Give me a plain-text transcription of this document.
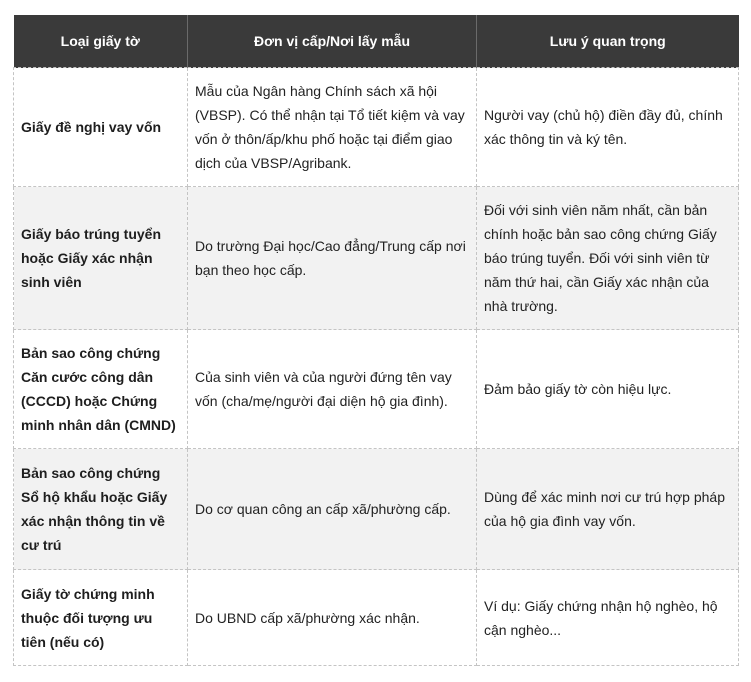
Loại giấy tờ	Đơn vị cấp/Nơi lấy mẫu	Lưu ý quan trọng
Giấy đề nghị vay vốn	Mẫu của Ngân hàng Chính sách xã hội (VBSP). Có thể nhận tại Tổ tiết kiệm và vay vốn ở thôn/ấp/khu phố hoặc tại điểm giao dịch của VBSP/Agribank.	Người vay (chủ hộ) điền đầy đủ, chính xác thông tin và ký tên.
Giấy báo trúng tuyển hoặc Giấy xác nhận sinh viên	Do trường Đại học/Cao đẳng/Trung cấp nơi bạn theo học cấp.	Đối với sinh viên năm nhất, cần bản chính hoặc bản sao công chứng Giấy báo trúng tuyển. Đối với sinh viên từ năm thứ hai, cần Giấy xác nhận của nhà trường.
Bản sao công chứng Căn cước công dân (CCCD) hoặc Chứng minh nhân dân (CMND)	Của sinh viên và của người đứng tên vay vốn (cha/mẹ/người đại diện hộ gia đình).	Đảm bảo giấy tờ còn hiệu lực.
Bản sao công chứng Sổ hộ khẩu hoặc Giấy xác nhận thông tin về cư trú	Do cơ quan công an cấp xã/phường cấp.	Dùng để xác minh nơi cư trú hợp pháp của hộ gia đình vay vốn.
Giấy tờ chứng minh thuộc đối tượng ưu tiên (nếu có)	Do UBND cấp xã/phường xác nhận.	Ví dụ: Giấy chứng nhận hộ nghèo, hộ cận nghèo...
